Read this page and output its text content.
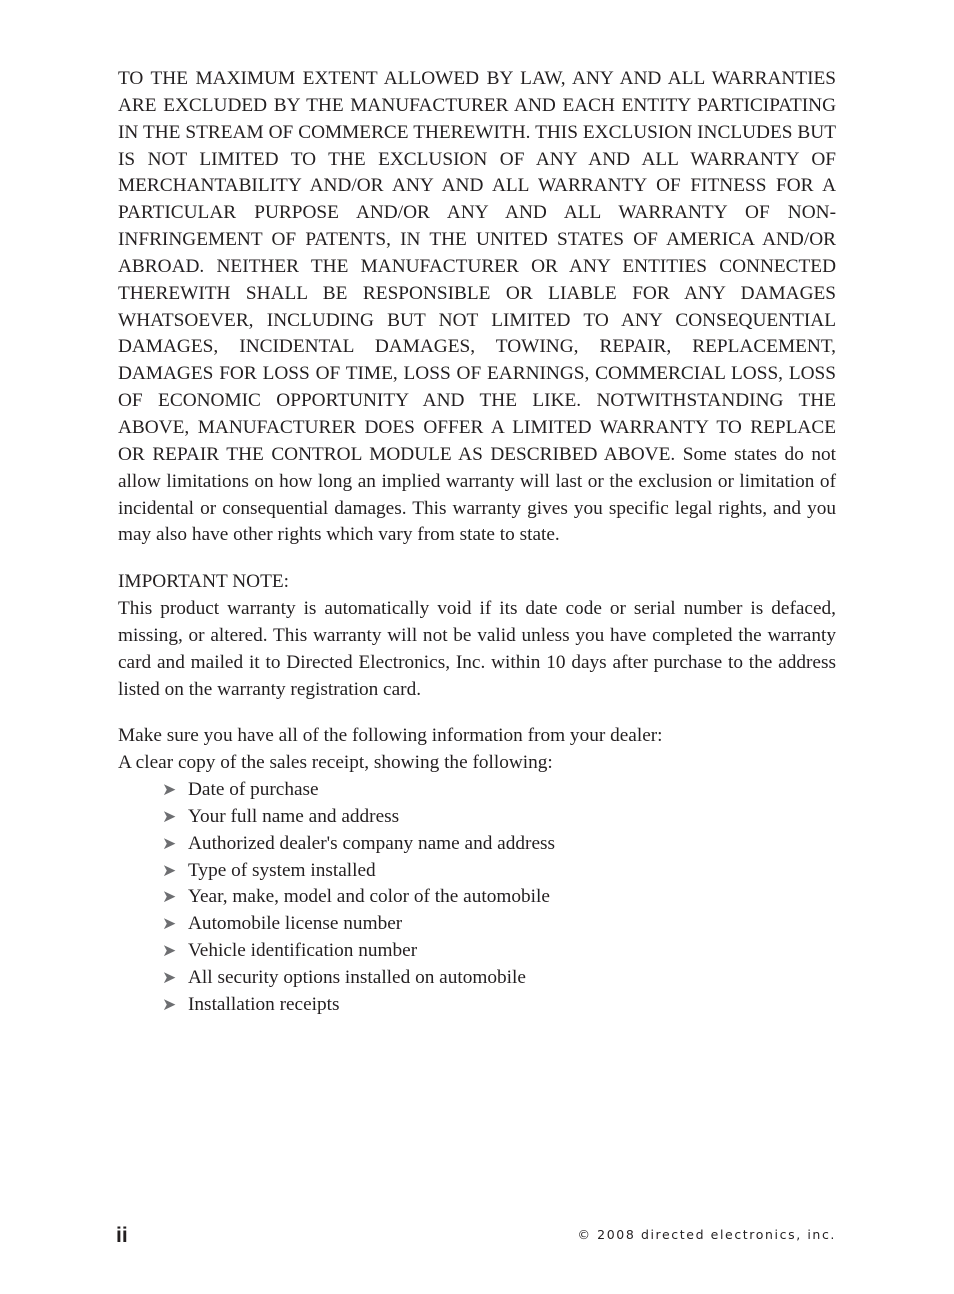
TO THE MAXIMUM EXTENT ALLOWED BY LAW, ANY AND ALL WARRANTIES ARE EXCLUDED BY THE MANUFACTURER AND EACH ENTITY PARTICIPATING IN THE STREAM OF COMMERCE THEREWITH. THIS EXCLUSION INCLUDES BUT IS NOT LIMITED TO THE EXCLUSION OF ANY AND ALL WARRANTY OF MERCHANTABILITY AND/OR ANY AND ALL WARRANTY OF FITNESS FOR A PARTICULAR PURPOSE AND/OR ANY AND ALL WARRANTY OF NON-INFRINGEMENT OF PATENTS, IN THE UNITED STATES OF AMERICA AND/OR ABROAD. NEITHER THE MANUFACTURER OR ANY ENTITIES CONNECTED THEREWITH SHALL BE RESPONSIBLE OR LIABLE FOR ANY DAMAGES WHATSOEVER, INCLUDING BUT NOT LIMITED TO ANY CONSEQUENTIAL DAMAGES, INCIDENTAL DAMAGES, TOWING, REPAIR, REPLACEMENT, DAMAGES FOR LOSS OF TIME, LOSS OF EARNINGS, COMMERCIAL LOSS, LOSS OF ECONOMIC OPPORTUNITY AND THE LIKE. NOTWITHSTANDING THE ABOVE, MANUFACTURER DOES OFFER A LIMITED WARRANTY TO REPLACE OR REPAIR THE CONTROL MODULE AS DESCRIBED ABOVE. Some states do not allow limitations on how long an implied warranty will last or the exclusion or limitation of incidental or consequential damages. This warranty gives you specific legal rights, and you may also have other rights which vary from state to state.

IMPORTANT NOTE:

This product warranty is automatically void if its date code or serial number is defaced, missing, or altered. This warranty will not be valid unless you have completed the warranty card and mailed it to Directed Electronics, Inc. within 10 days after purchase to the address listed on the warranty registration card.

Make sure you have all of the following information from your dealer:

A clear copy of the sales receipt, showing the following:

➤ Date of purchase
➤ Your full name and address
➤ Authorized dealer's company name and address
➤ Type of system installed
➤ Year, make, model and color of the automobile
➤ Automobile license number
➤ Vehicle identification number
➤ All security options installed on automobile
➤ Installation receipts
ii	© 2008 directed electronics, inc.
